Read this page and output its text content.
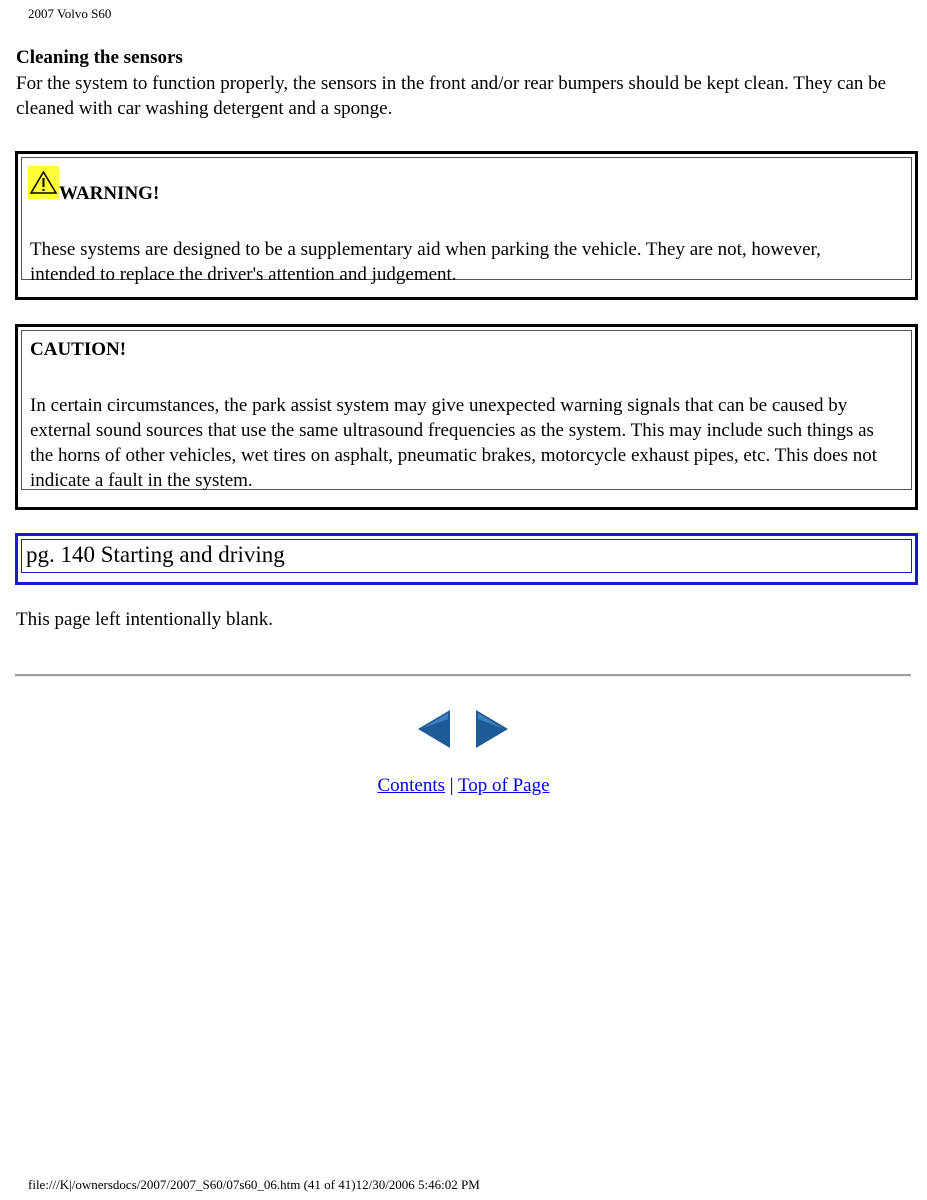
2007 Volvo S60
Cleaning the sensors
For the system to function properly, the sensors in the front and/or rear bumpers should be kept clean. They can be cleaned with car washing detergent and a sponge.
WARNING!
These systems are designed to be a supplementary aid when parking the vehicle. They are not, however, intended to replace the driver's attention and judgement.
CAUTION!
In certain circumstances, the park assist system may give unexpected warning signals that can be caused by external sound sources that use the same ultrasound frequencies as the system. This may include such things as the horns of other vehicles, wet tires on asphalt, pneumatic brakes, motorcycle exhaust pipes, etc. This does not indicate a fault in the system.
pg. 140 Starting and driving
This page left intentionally blank.
Contents | Top of Page
file:///K|/ownersdocs/2007/2007_S60/07s60_06.htm (41 of 41)12/30/2006 5:46:02 PM
